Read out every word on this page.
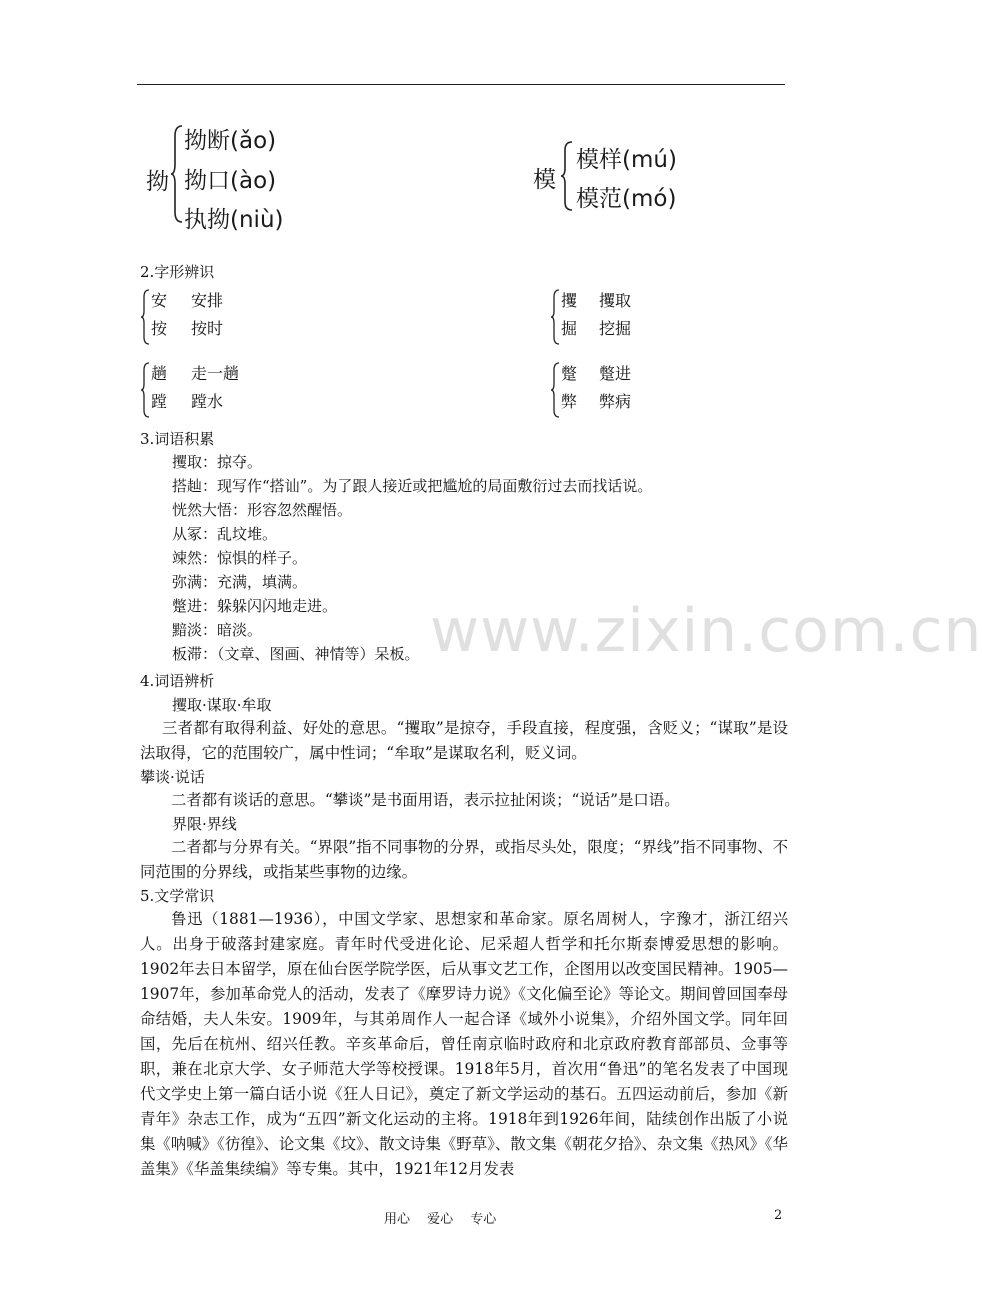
拗
拗断(ǎo)
拗口(ào)
执拗(niù)
模
模样(mú)
模范(mó)
2.字形辨识
安 安排
按 按时
攫 攫取
掘 挖掘
趟 走一趟
蹚 蹚水
蹩 蹩进
弊 弊病
3.词语积累
攫取：掠夺。
搭赸：现写作“搭讪”。为了跟人接近或把尴尬的局面敷衍过去而找话说。
恍然大悟：形容忽然醒悟。
从冢：乱坟堆。
竦然：惊惧的样子。
弥满：充满，填满。
蹩进：躲躲闪闪地走进。
黯淡：暗淡。
板滞：（文章、图画、神情等）呆板。 www.zixin.com.cn
4.词语辨析
攫取·谋取·牟取

三者都有取得利益、好处的意思。“攫取”是掠夺，手段直接，程度强，含贬义；“谋取”是设法取得，它的范围较广，属中性词；“牟取”是谋取名利，贬义词。

攀谈·说话

二者都有谈话的意思。“攀谈”是书面用语，表示拉扯闲谈；“说话”是口语。

界限·界线

二者都与分界有关。“界限”指不同事物的分界，或指尽头处，限度；“界线”指不同事物、不同范围的分界线，或指某些事物的边缘。

5.文学常识

鲁迅（1881—1936），中国文学家、思想家和革命家。原名周树人，字豫才，浙江绍兴人。出身于破落封建家庭。青年时代受进化论、尼采超人哲学和托尔斯泰博爱思想的影响。1902年去日本留学，原在仙台医学院学医，后从事文艺工作，企图用以改变国民精神。1905—1907年，参加革命党人的活动，发表了《摩罗诗力说》《文化偏至论》等论文。期间曾回国奉母命结婚，夫人朱安。1909年，与其弟周作人一起合译《域外小说集》，介绍外国文学。同年回国，先后在杭州、绍兴任教。辛亥革命后，曾任南京临时政府和北京政府教育部部员、佥事等职，兼在北京大学、女子师范大学等校授课。1918年5月，首次用“鲁迅”的笔名发表了中国现代文学史上第一篇白话小说《狂人日记》，奠定了新文学运动的基石。五四运动前后，参加《新青年》杂志工作，成为“五四”新文化运动的主将。1918年到1926年间，陆续创作出版了小说集《呐喊》《彷徨》、论文集《坟》、散文诗集《野草》、散文集《朝花夕拾》、杂文集《热风》《华盖集》《华盖集续编》等专集。其中，1921年12月发表

用心　 爱心　 专心	2
